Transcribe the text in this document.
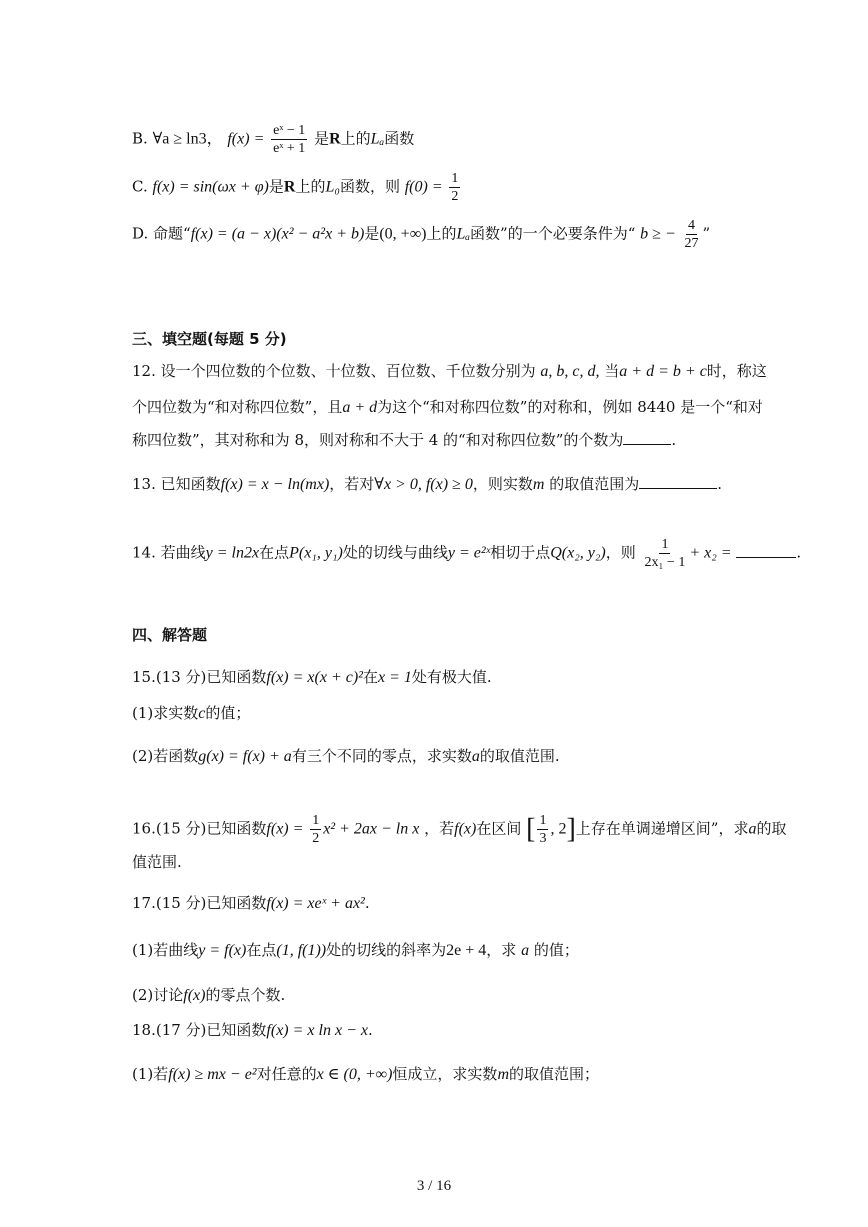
B. ∀a ≥ ln3， $f(x) = \frac{\text{eˣ − 1}}{\text{eˣ + 1}}$ 是R上的Lₐ函数
C. f(x) = sin(ωx + φ)是R上的L₀函数，则 $f(0) = \frac{1}{2}$
D. 命题“f(x) = (a − x)(x² − a²x + b)是(0, +∞)上的Lₐ函数”的一个必要条件为“ b ≥ − $\frac{4}{27}$ ”
三、填空题(每题 5 分)
12. 设一个四位数的个位数、十位数、百位数、千位数分别为 a, b, c, d, 当a + d = b + c时，称这
个四位数为“和对称四位数”，且a + d为这个“和对称四位数”的对称和，例如 8440 是一个“和对
称四位数”，其对称和为 8，则对称和不大于 4 的“和对称四位数”的个数为	.
13. 已知函数f(x) = x − ln(mx)，若对∀x > 0, f(x) ≥ 0，则实数m 的取值范围为	.
14. 若曲线y = ln2x在点P(x₁, y₁)处的切线与曲线y = e²ˣ相切于点Q(x₂, y₂)，则 $\frac{1}{\text{2x₁ − 1}} + x_2$ =	.
四、解答题
15.(13 分)已知函数f(x) = x(x + c)²在x = 1处有极大值.
(1)求实数c的值；
(2)若函数g(x) = f(x) + a有三个不同的零点，求实数a的取值范围.
16.(15 分)已知函数$f(x) = \frac{1}{2} x^2 + 2ax - \ln x$ ，若f(x)在区间 [ $\frac{1}{3}$ , 2]上存在单调递增区间”，求a的取
值范围.
17.(15 分)已知函数f(x) = xeˣ + ax².
(1)若曲线y = f(x)在点(1, f(1))处的切线的斜率为2e + 4，求 a 的值；
(2)讨论f(x)的零点个数.
18.(17 分)已知函数f(x) = x ln x − x.
(1)若f(x) ≥ mx − e²对任意的x ∈ (0, +∞)恒成立，求实数m的取值范围；
3 / 16
